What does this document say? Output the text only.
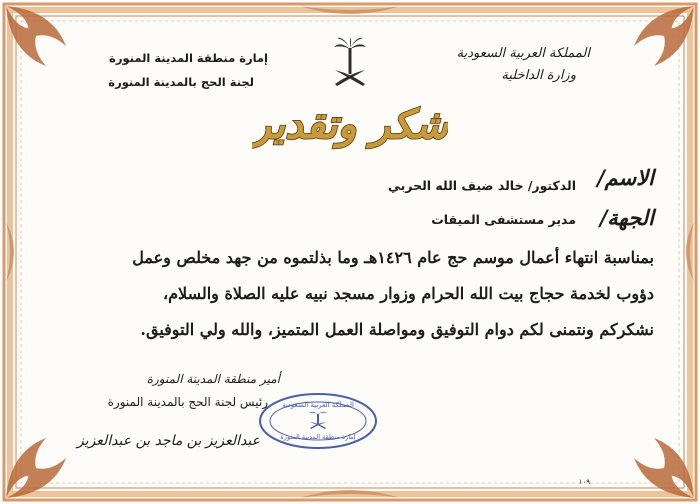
المملكة العربية السعودية
وزارة الداخلية
إمارة منطقة المدينة المنورة
لجنة الحج بالمدينة المنورة
شكر وتقدير
الاسم/
الدكتور/ خالد ضيف الله الحربي
الجهة/
مدير مستشفى الميقات
بمناسبة انتهاء أعمال موسم حج عام ١٤٢٦هـ وما بذلتموه من جهد مخلص وعمل
دؤوب لخدمة حجاج بيت الله الحرام وزوار مسجد نبيه عليه الصلاة والسلام،
نشكركم ونتمنى لكم دوام التوفيق ومواصلة العمل المتميز، والله ولي التوفيق.
أمير منطقة المدينة المنورة
رئيس لجنة الحج بالمدينة المنورة
عبدالعزيز بن ماجد بن عبدالعزيز
المملكة العربية السعودية
إمارة منطقة المدينة المنورة
١٠٩
